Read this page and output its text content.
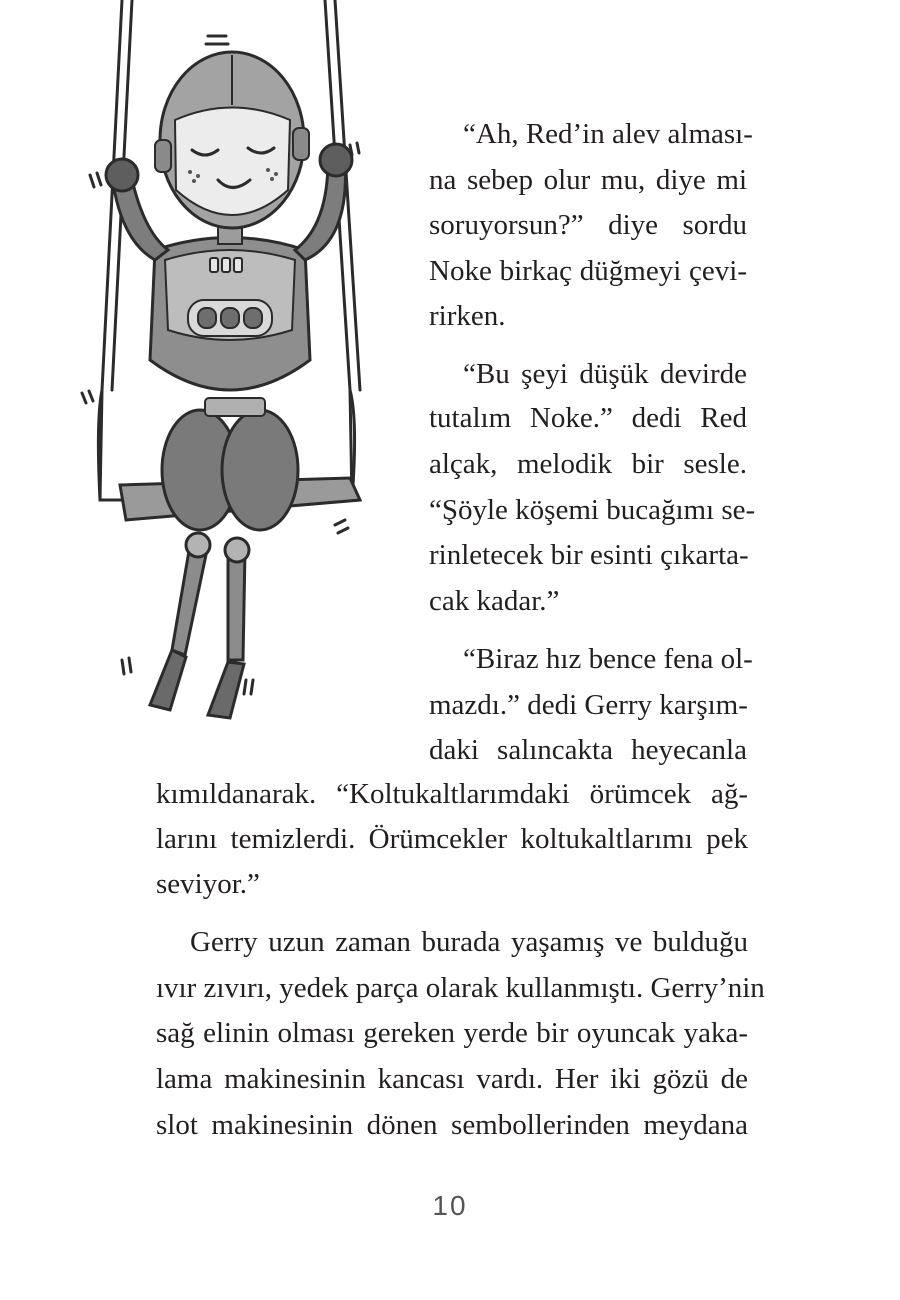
“Ah, Red’in alev alması-
na sebep olur mu, diye mi
soruyorsun?” diye sordu
Noke birkaç düğmeyi çevi-
rirken.
“Bu şeyi düşük devirde
tutalım Noke.” dedi Red
alçak, melodik bir sesle.
“Şöyle köşemi bucağımı se-
rinletecek bir esinti çıkarta-
cak kadar.”
“Biraz hız bence fena ol-
mazdı.” dedi Gerry karşım-
daki salıncakta heyecanla
kımıldanarak. “Koltukaltlarımdaki örümcek ağ-
larını temizlerdi. Örümcekler koltukaltlarımı pek
seviyor.”
Gerry uzun zaman burada yaşamış ve bulduğu
ıvır zıvırı, yedek parça olarak kullanmıştı. Gerry’nin
sağ elinin olması gereken yerde bir oyuncak yaka-
lama makinesinin kancası vardı. Her iki gözü de
slot makinesinin dönen sembollerinden meydana
10
